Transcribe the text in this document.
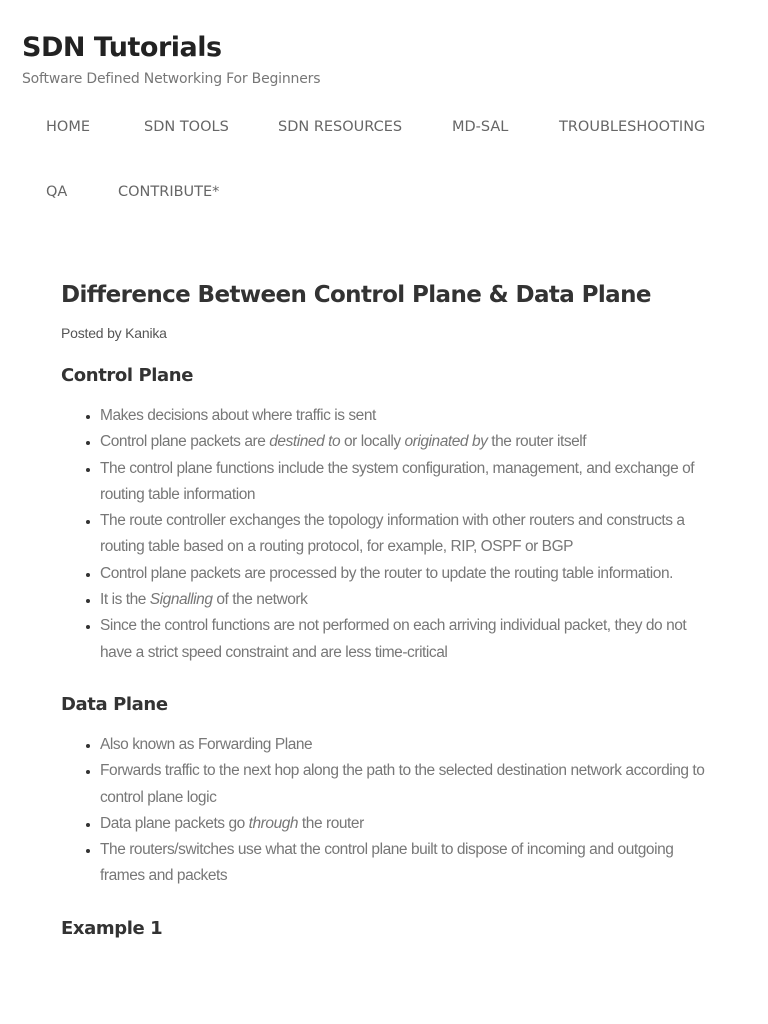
SDN Tutorials
Software Defined Networking For Beginners
HOME	SDN TOOLS	SDN RESOURCES	MD-SAL	TROUBLESHOOTING
QA	CONTRIBUTE*
Difference Between Control Plane & Data Plane
Posted by Kanika
Control Plane
• Makes decisions about where traffic is sent
• Control plane packets are destined to or locally originated by the router itself
• The control plane functions include the system configuration, management, and exchange of routing table information
• The route controller exchanges the topology information with other routers and constructs a routing table based on a routing protocol, for example, RIP, OSPF or BGP
• Control plane packets are processed by the router to update the routing table information.
• It is the Signalling of the network
• Since the control functions are not performed on each arriving individual packet, they do not have a strict speed constraint and are less time-critical
Data Plane
• Also known as Forwarding Plane
• Forwards traffic to the next hop along the path to the selected destination network according to control plane logic
• Data plane packets go through the router
• The routers/switches use what the control plane built to dispose of incoming and outgoing frames and packets
Example 1
